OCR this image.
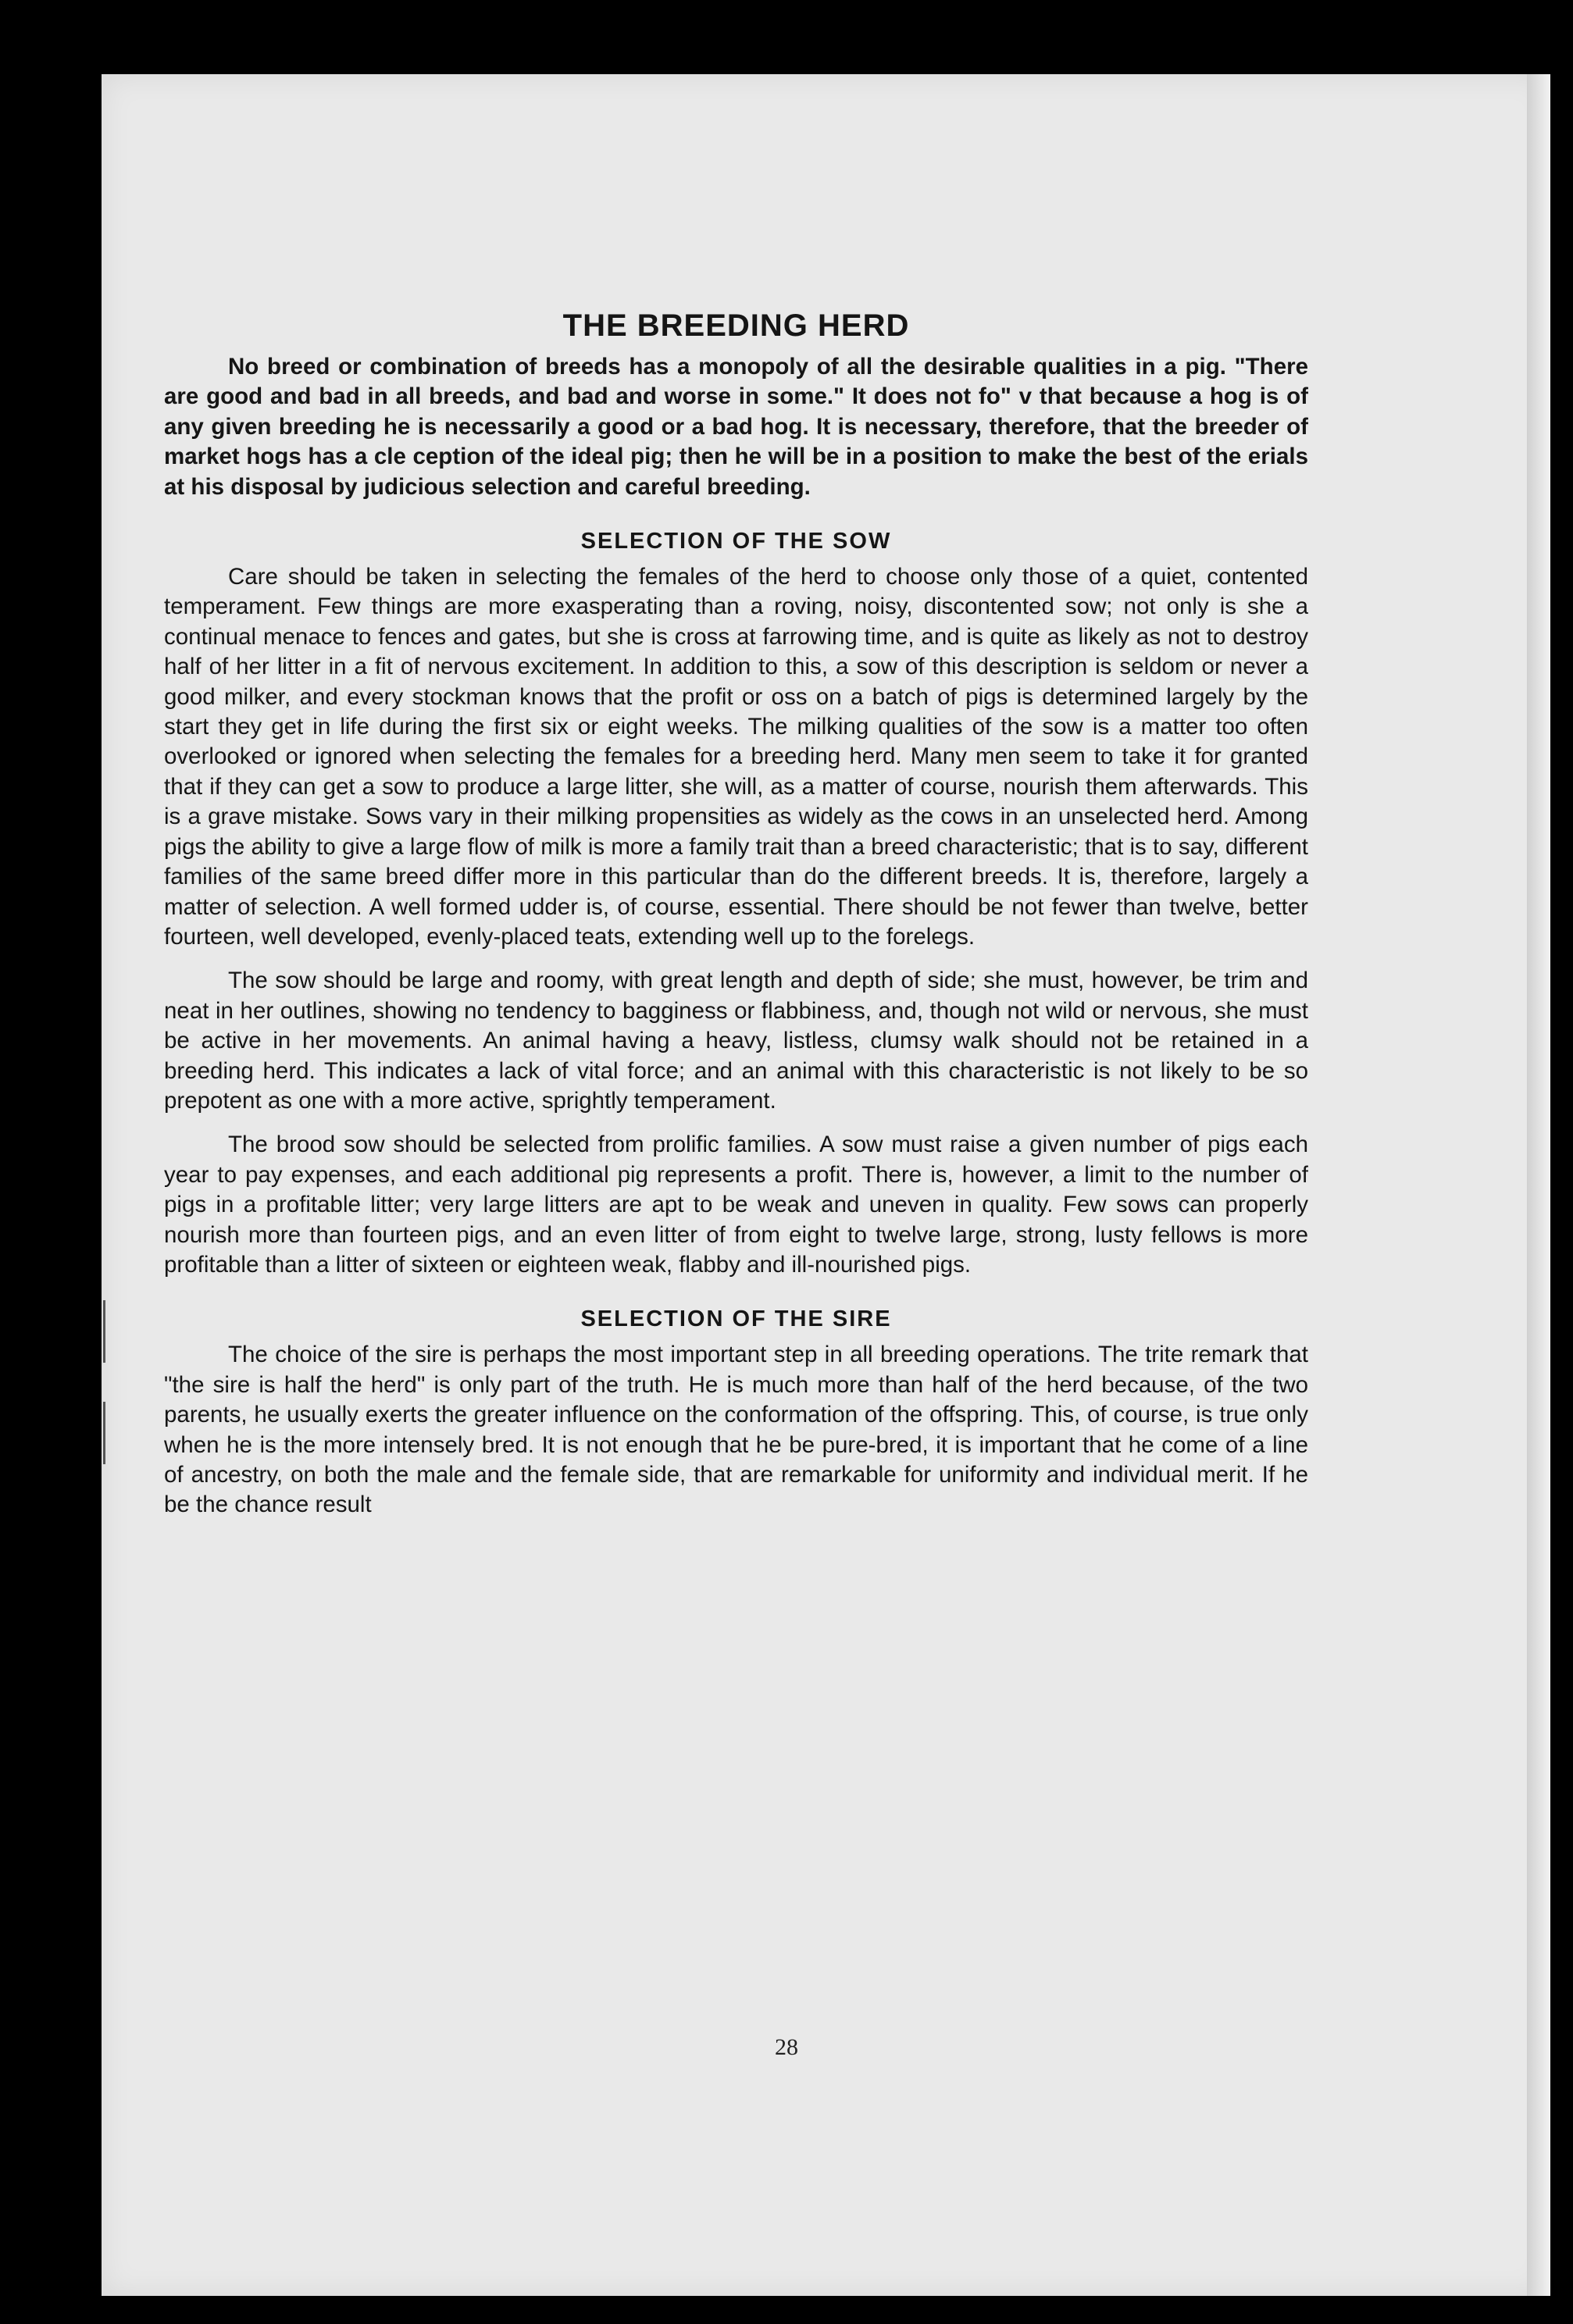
THE BREEDING HERD

No breed or combination of breeds has a monopoly of all the desirable qualities in a pig. "There are good and bad in all breeds, and bad and worse in some." It does not fo" v that because a hog is of any given breeding he is necessarily a good or a bad hog. It is necessary, therefore, that the breeder of market hogs has a cle ception of the ideal pig; then he will be in a position to make the best of the erials at his disposal by judicious selection and careful breeding.

SELECTION OF THE SOW

Care should be taken in selecting the females of the herd to choose only those of a quiet, contented temperament. Few things are more exasperating than a roving, noisy, discontented sow; not only is she a continual menace to fences and gates, but she is cross at farrowing time, and is quite as likely as not to destroy half of her litter in a fit of nervous excitement. In addition to this, a sow of this description is seldom or never a good milker, and every stockman knows that the profit or oss on a batch of pigs is determined largely by the start they get in life during the first six or eight weeks. The milking qualities of the sow is a matter too often overlooked or ignored when selecting the females for a breeding herd. Many men seem to take it for granted that if they can get a sow to produce a large litter, she will, as a matter of course, nourish them afterwards. This is a grave mistake. Sows vary in their milking propensities as widely as the cows in an unselected herd. Among pigs the ability to give a large flow of milk is more a family trait than a breed characteristic; that is to say, different families of the same breed differ more in this particular than do the different breeds. It is, therefore, largely a matter of selection. A well formed udder is, of course, essential. There should be not fewer than twelve, better fourteen, well developed, evenly-placed teats, extending well up to the forelegs.

The sow should be large and roomy, with great length and depth of side; she must, however, be trim and neat in her outlines, showing no tendency to bagginess or flabbiness, and, though not wild or nervous, she must be active in her movements. An animal having a heavy, listless, clumsy walk should not be retained in a breeding herd. This indicates a lack of vital force; and an animal with this characteristic is not likely to be so prepotent as one with a more active, sprightly temperament.

The brood sow should be selected from prolific families. A sow must raise a given number of pigs each year to pay expenses, and each additional pig represents a profit. There is, however, a limit to the number of pigs in a profitable litter; very large litters are apt to be weak and uneven in quality. Few sows can properly nourish more than fourteen pigs, and an even litter of from eight to twelve large, strong, lusty fellows is more profitable than a litter of sixteen or eighteen weak, flabby and ill-nourished pigs.

SELECTION OF THE SIRE

The choice of the sire is perhaps the most important step in all breeding operations. The trite remark that "the sire is half the herd" is only part of the truth. He is much more than half of the herd because, of the two parents, he usually exerts the greater influence on the conformation of the offspring. This, of course, is true only when he is the more intensely bred. It is not enough that he be pure-bred, it is important that he come of a line of ancestry, on both the male and the female side, that are remarkable for uniformity and individual merit. If he be the chance result

28
